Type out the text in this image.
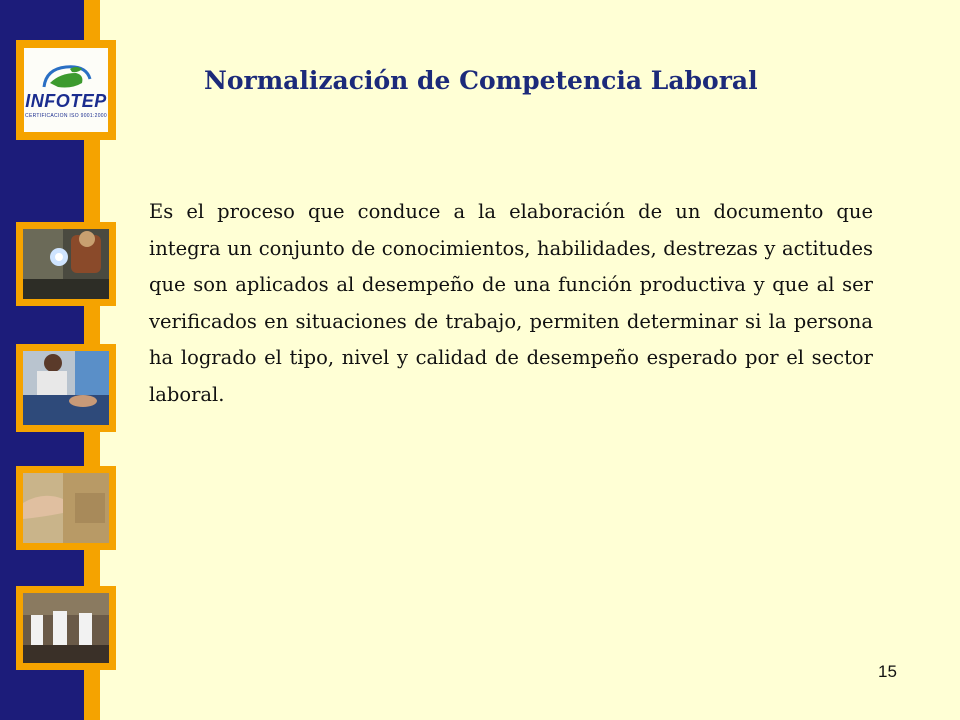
INFOTEP
CERTIFICACION ISO 9001:2000
Normalización de Competencia Laboral

Es el proceso que conduce a la elaboración de un documento que integra un conjunto de conocimientos, habilidades, destrezas y actitudes que son aplicados al desempeño de una función productiva y que al ser verificados en situaciones de trabajo, permiten determinar si la persona ha logrado el tipo, nivel y calidad de desempeño esperado por el sector laboral.

15
